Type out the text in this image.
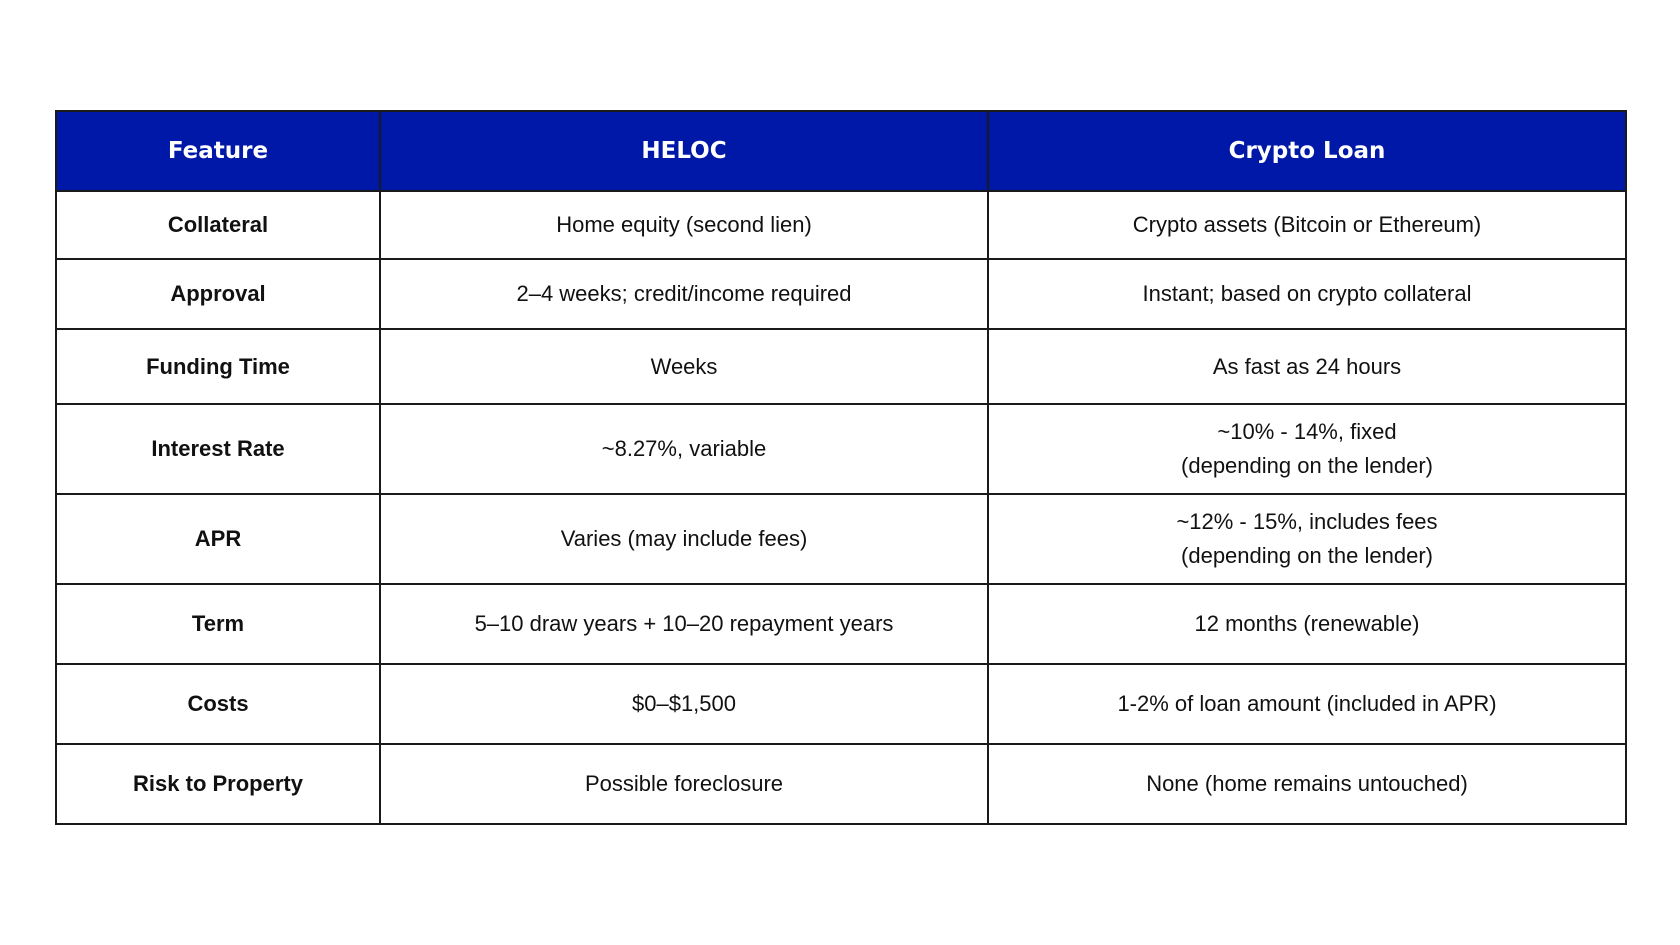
Feature	HELOC	Crypto Loan
Collateral	Home equity (second lien)	Crypto assets (Bitcoin or Ethereum)

Approval	2–4 weeks; credit/income required	Instant; based on crypto collateral

Funding Time	Weeks	As fast as 24 hours

Interest Rate	~8.27%, variable	~10% - 14%, fixed
(depending on the lender)

APR	Varies (may include fees)	~12% - 15%, includes fees
(depending on the lender)

Term	5–10 draw years + 10–20 repayment years	12 months (renewable)

Costs	$0–$1,500	1-2% of loan amount (included in APR)

Risk to Property	Possible foreclosure	None (home remains untouched)
